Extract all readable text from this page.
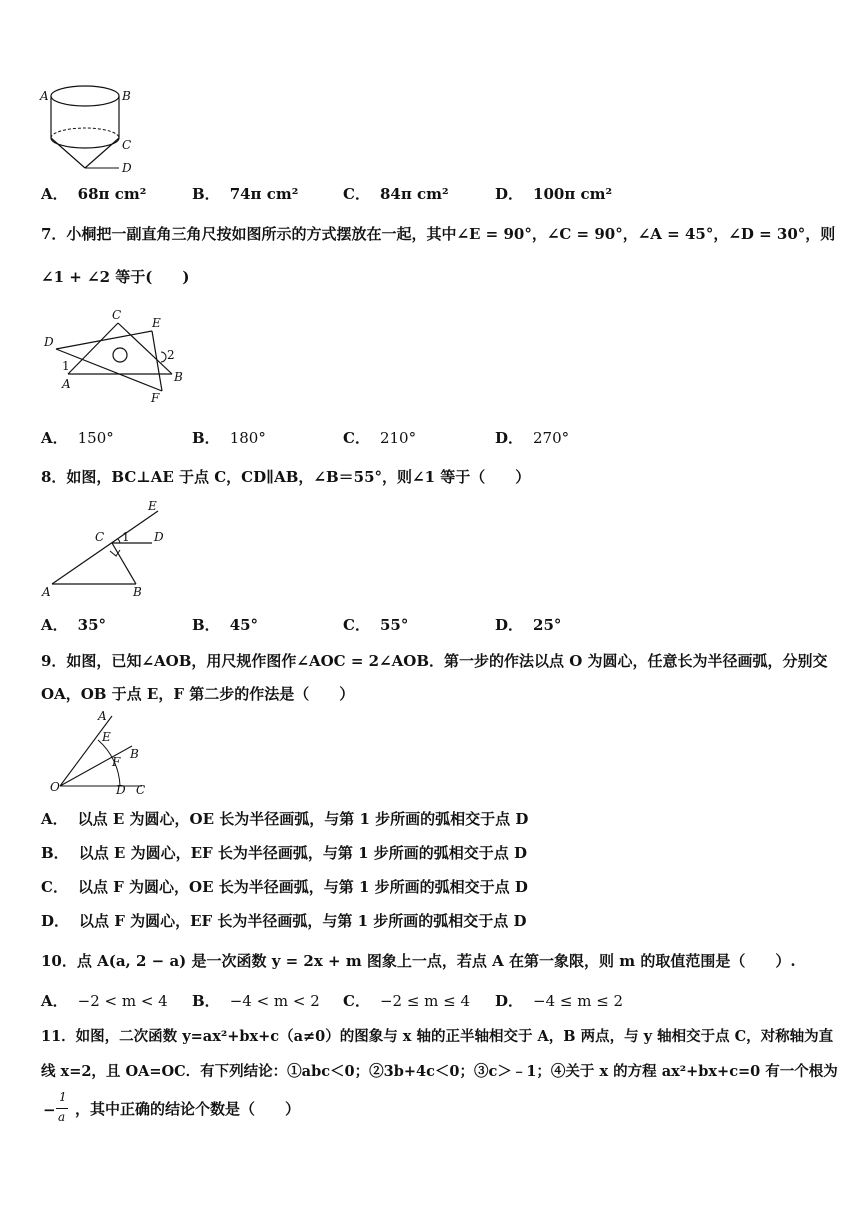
A	B
C
D
A． 68π cm²	B． 74π cm²	C． 84π cm²	D． 100π cm²
7．小桐把一副直角三角尺按如图所示的方式摆放在一起，其中∠E = 90°，∠C = 90°，∠A = 45°，∠D = 30°，则
∠1 + ∠2 等于(　　)
C
E
D
A	B
F
1
2
A． 150°	B． 180°	C． 210°	D． 270°
8．如图，BC⊥AE 于点 C，CD∥AB，∠B＝55°，则∠1 等于（　　）
E
C 1 D
A	B
A． 35°	B． 45°	C． 55°	D． 25°
9．如图，已知∠AOB，用尺规作图作∠AOC = 2∠AOB．第一步的作法以点 O 为圆心，任意长为半径画弧，分别交
OA，OB 于点 E，F 第二步的作法是（　　）
A
E
B
F
O	D C
A． 以点 E 为圆心，OE 长为半径画弧，与第 1 步所画的弧相交于点 D
B． 以点 E 为圆心，EF 长为半径画弧，与第 1 步所画的弧相交于点 D
C． 以点 F 为圆心，OE 长为半径画弧，与第 1 步所画的弧相交于点 D
D． 以点 F 为圆心，EF 长为半径画弧，与第 1 步所画的弧相交于点 D
10．点 A(a, 2 − a) 是一次函数 y = 2x + m 图象上一点，若点 A 在第一象限，则 m 的取值范围是（　　）.
A． −2 < m < 4 B． −4 < m < 2 C． −2 ≤ m ≤ 4 D． −4 ≤ m ≤ 2
11．如图，二次函数 y=ax²+bx+c（a≠0）的图象与 x 轴的正半轴相交于 A，B 两点，与 y 轴相交于点 C，对称轴为直
线 x=2，且 OA=OC．有下列结论：①abc＜0；②3b+4c＜0；③c＞﹣1；④关于 x 的方程 ax²+bx+c=0 有一个根为
−
1
a ，其中正确的结论个数是（　　）
